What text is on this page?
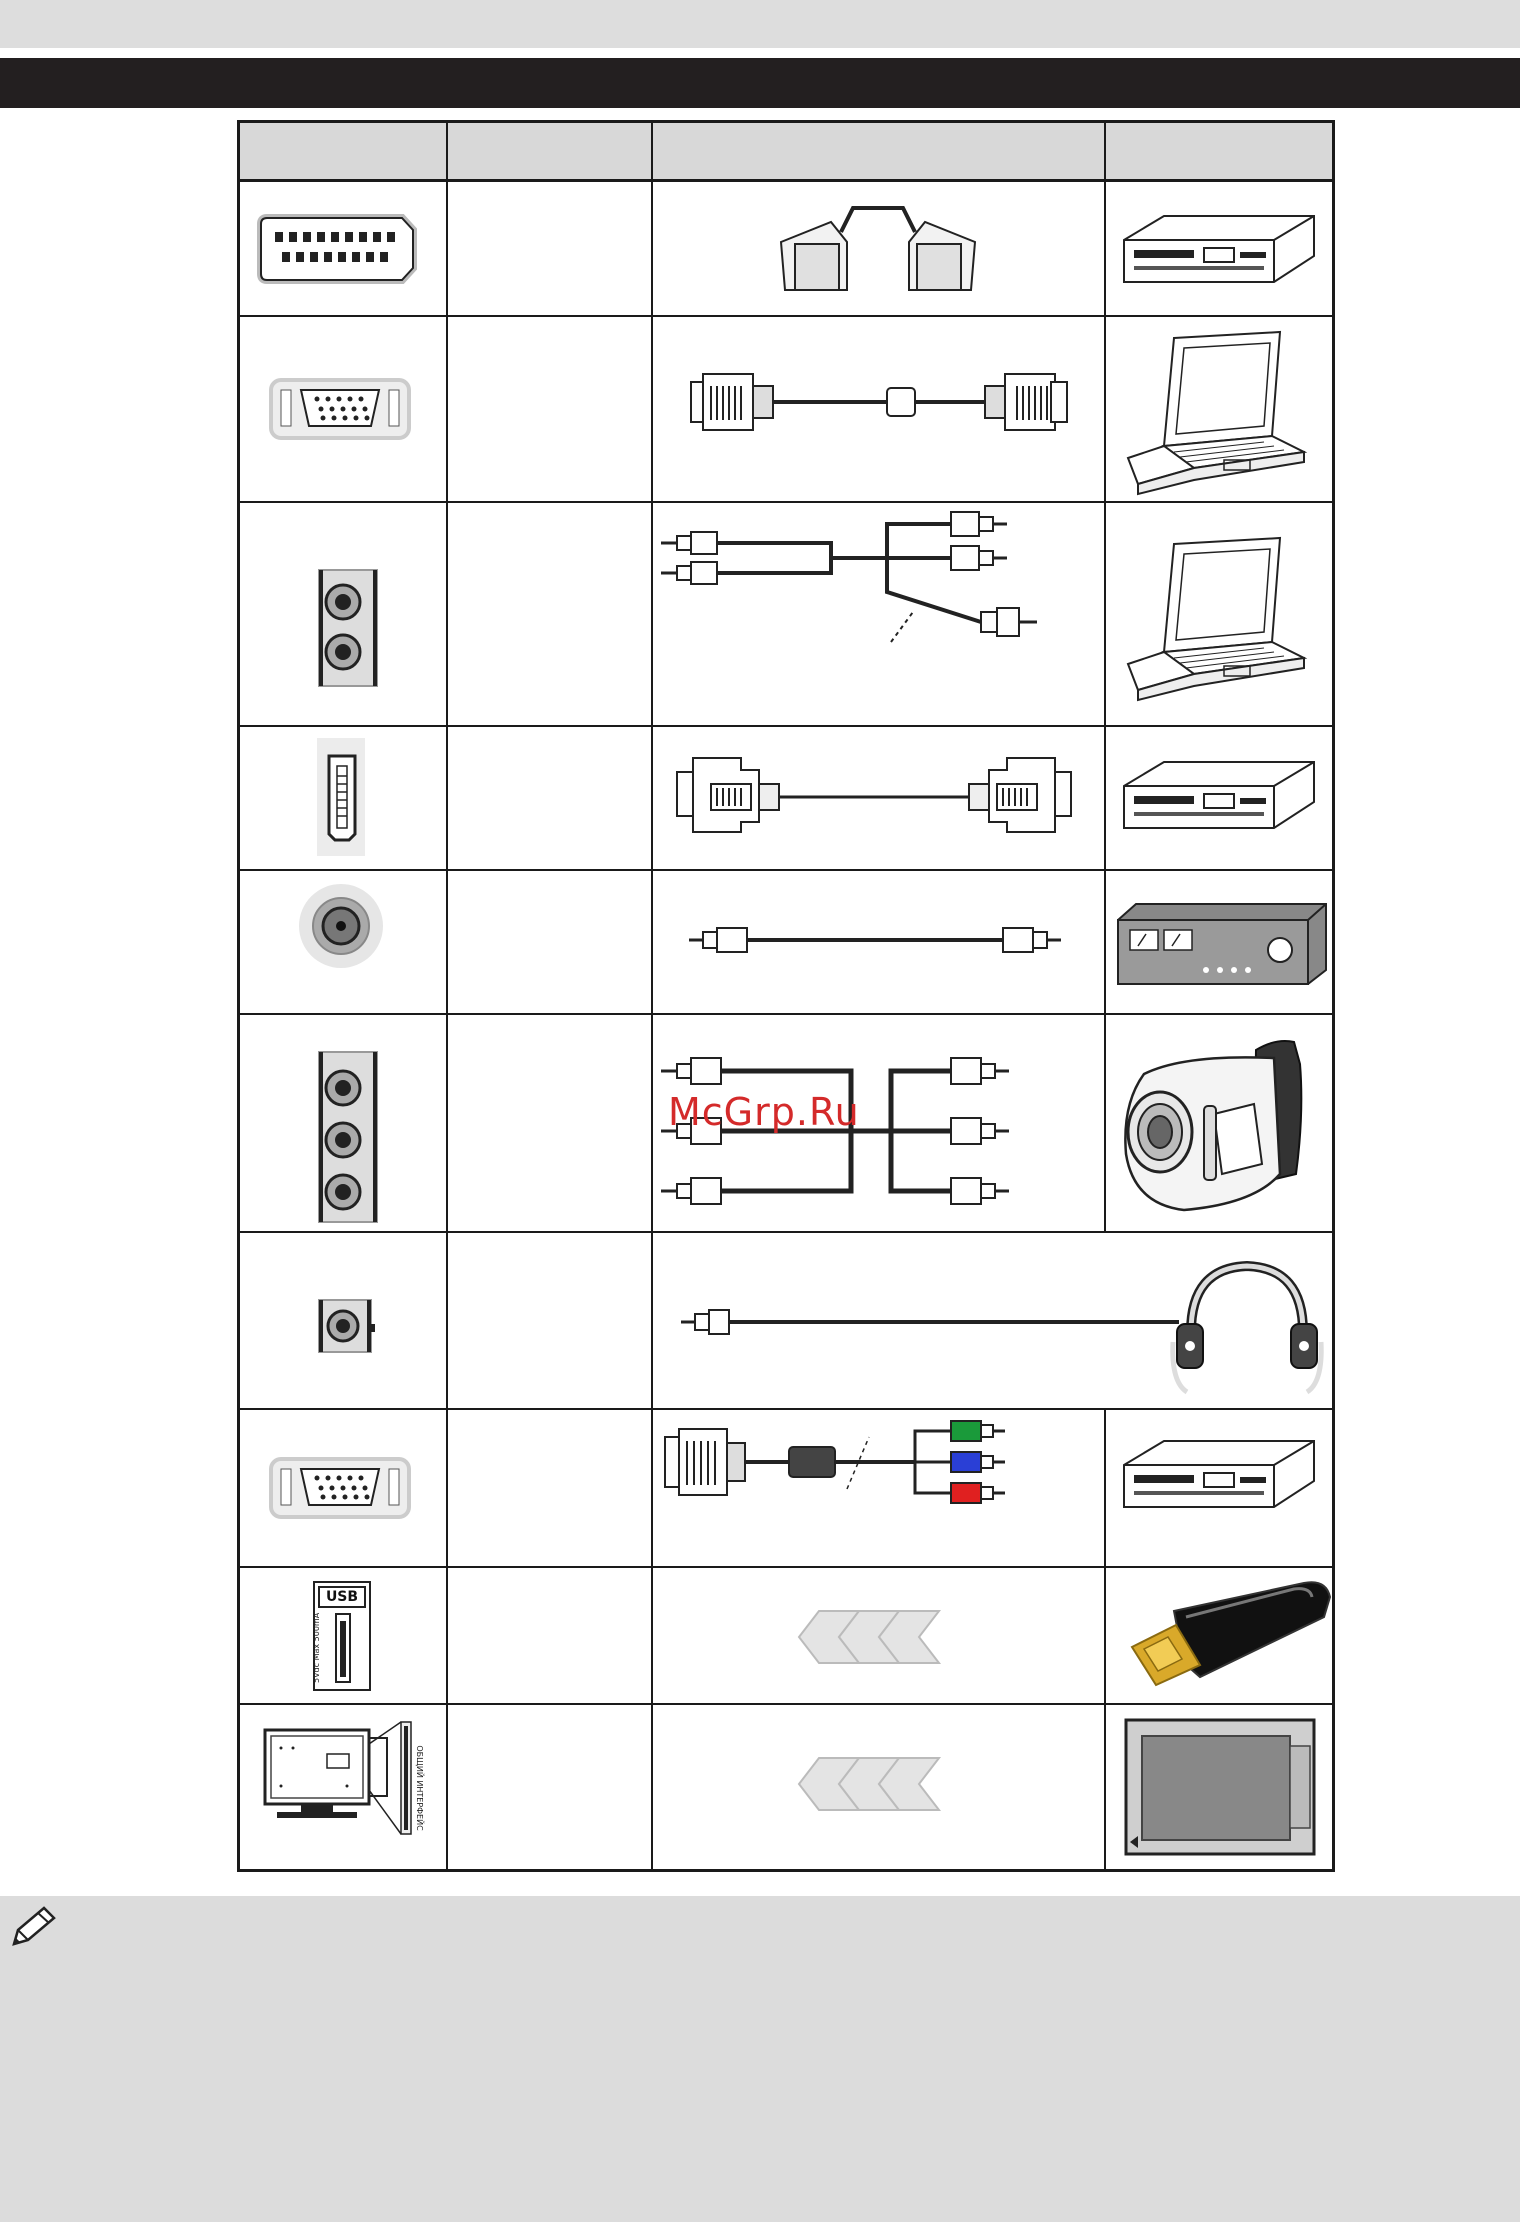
USB
5Vdc Max 500mA
ОБЩИЙ ИНТЕРФЕЙС
McGrp.Ru
